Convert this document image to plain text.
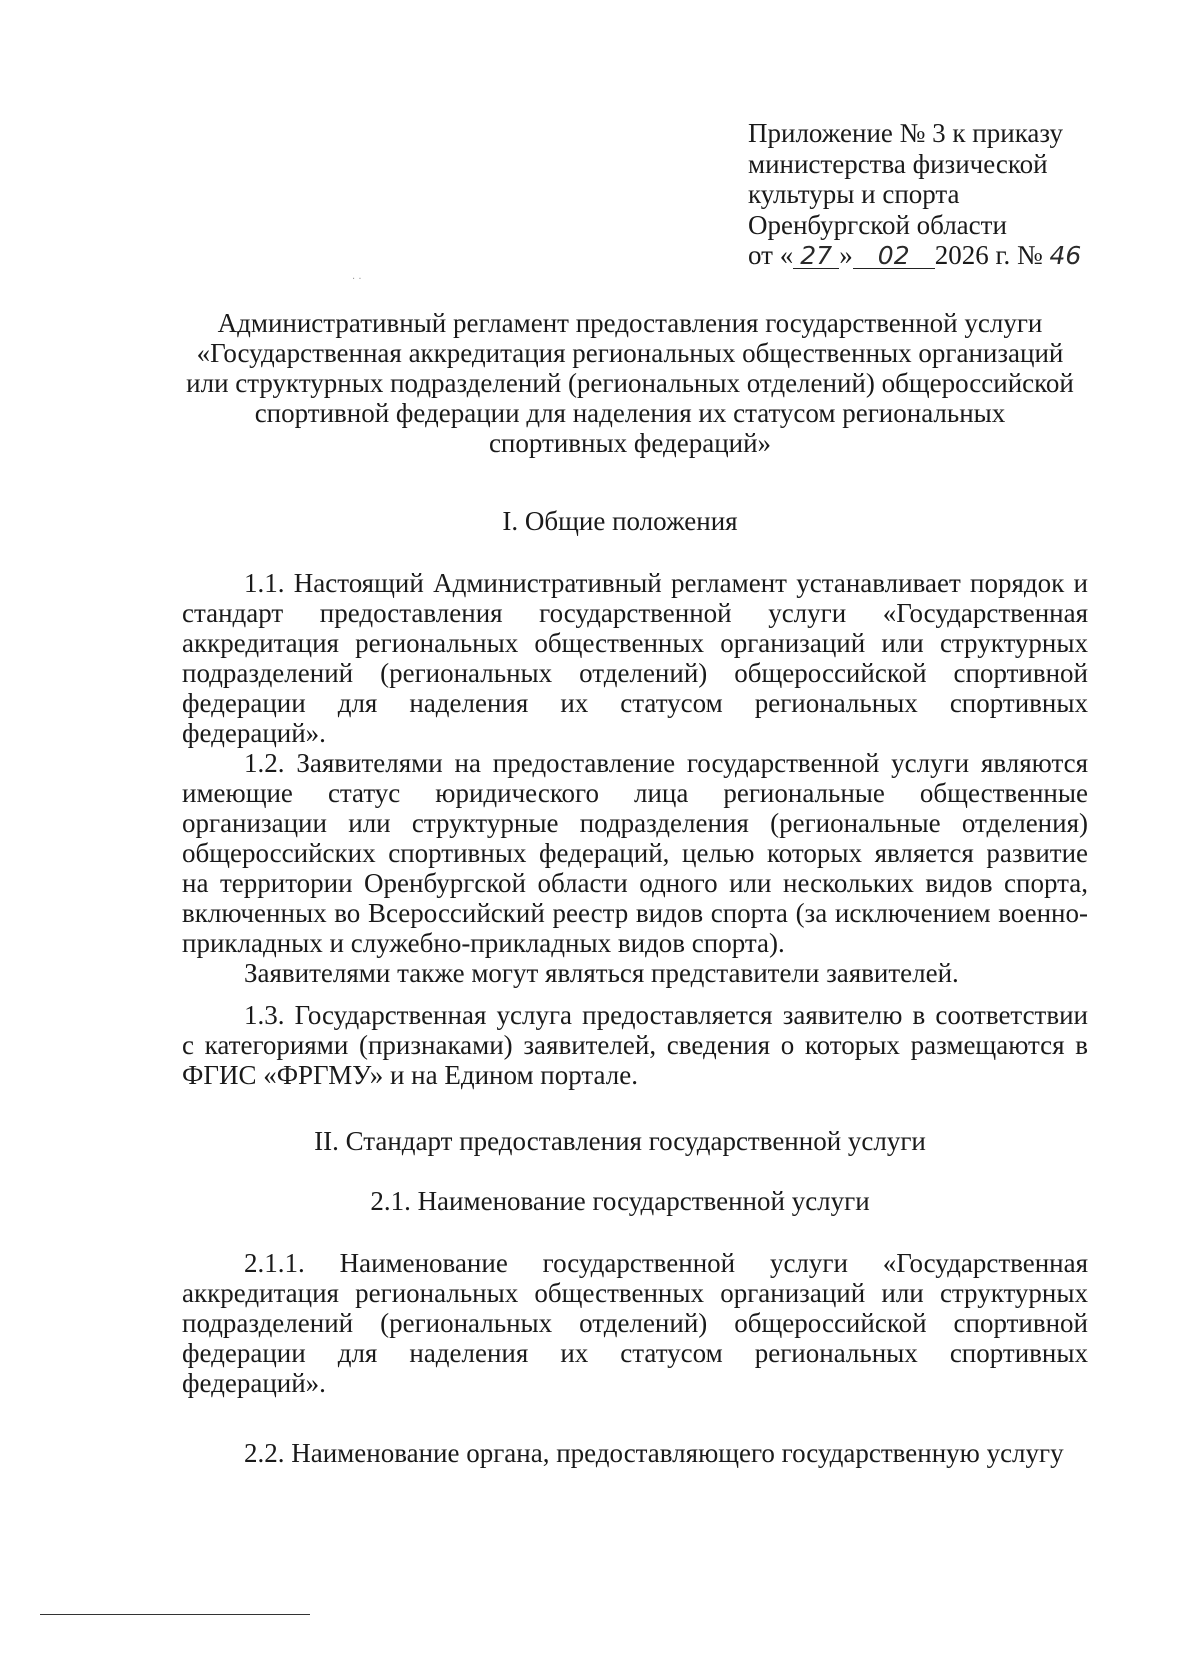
· ·
Приложение № 3 к приказу
министерства физической
культуры и спорта
Оренбургской области
от « 27 » 02 2026 г. № 46
Административный регламент предоставления государственной услуги
«Государственная аккредитация региональных общественных организаций
или структурных подразделений (региональных отделений) общероссийской
спортивной федерации для наделения их статусом региональных
спортивных федераций»
I. Общие положения
1.1. Настоящий Административный регламент устанавливает порядок и
стандарт предоставления государственной услуги «Государственная
аккредитация региональных общественных организаций или структурных
подразделений (региональных отделений) общероссийской спортивной
федерации для наделения их статусом региональных спортивных
федераций».
1.2. Заявителями на предоставление государственной услуги являются
имеющие статус юридического лица региональные общественные
организации или структурные подразделения (региональные отделения)
общероссийских спортивных федераций, целью которых является развитие
на территории Оренбургской области одного или нескольких видов спорта,
включенных во Всероссийский реестр видов спорта (за исключением военно-
прикладных и служебно-прикладных видов спорта).
Заявителями также могут являться представители заявителей.
1.3. Государственная услуга предоставляется заявителю в соответствии
с категориями (признаками) заявителей, сведения о которых размещаются в
ФГИС «ФРГМУ» и на Едином портале.
II. Стандарт предоставления государственной услуги
2.1. Наименование государственной услуги
2.1.1. Наименование государственной услуги «Государственная
аккредитация региональных общественных организаций или структурных
подразделений (региональных отделений) общероссийской спортивной
федерации для наделения их статусом региональных спортивных
федераций».
2.2. Наименование органа, предоставляющего государственную услугу
